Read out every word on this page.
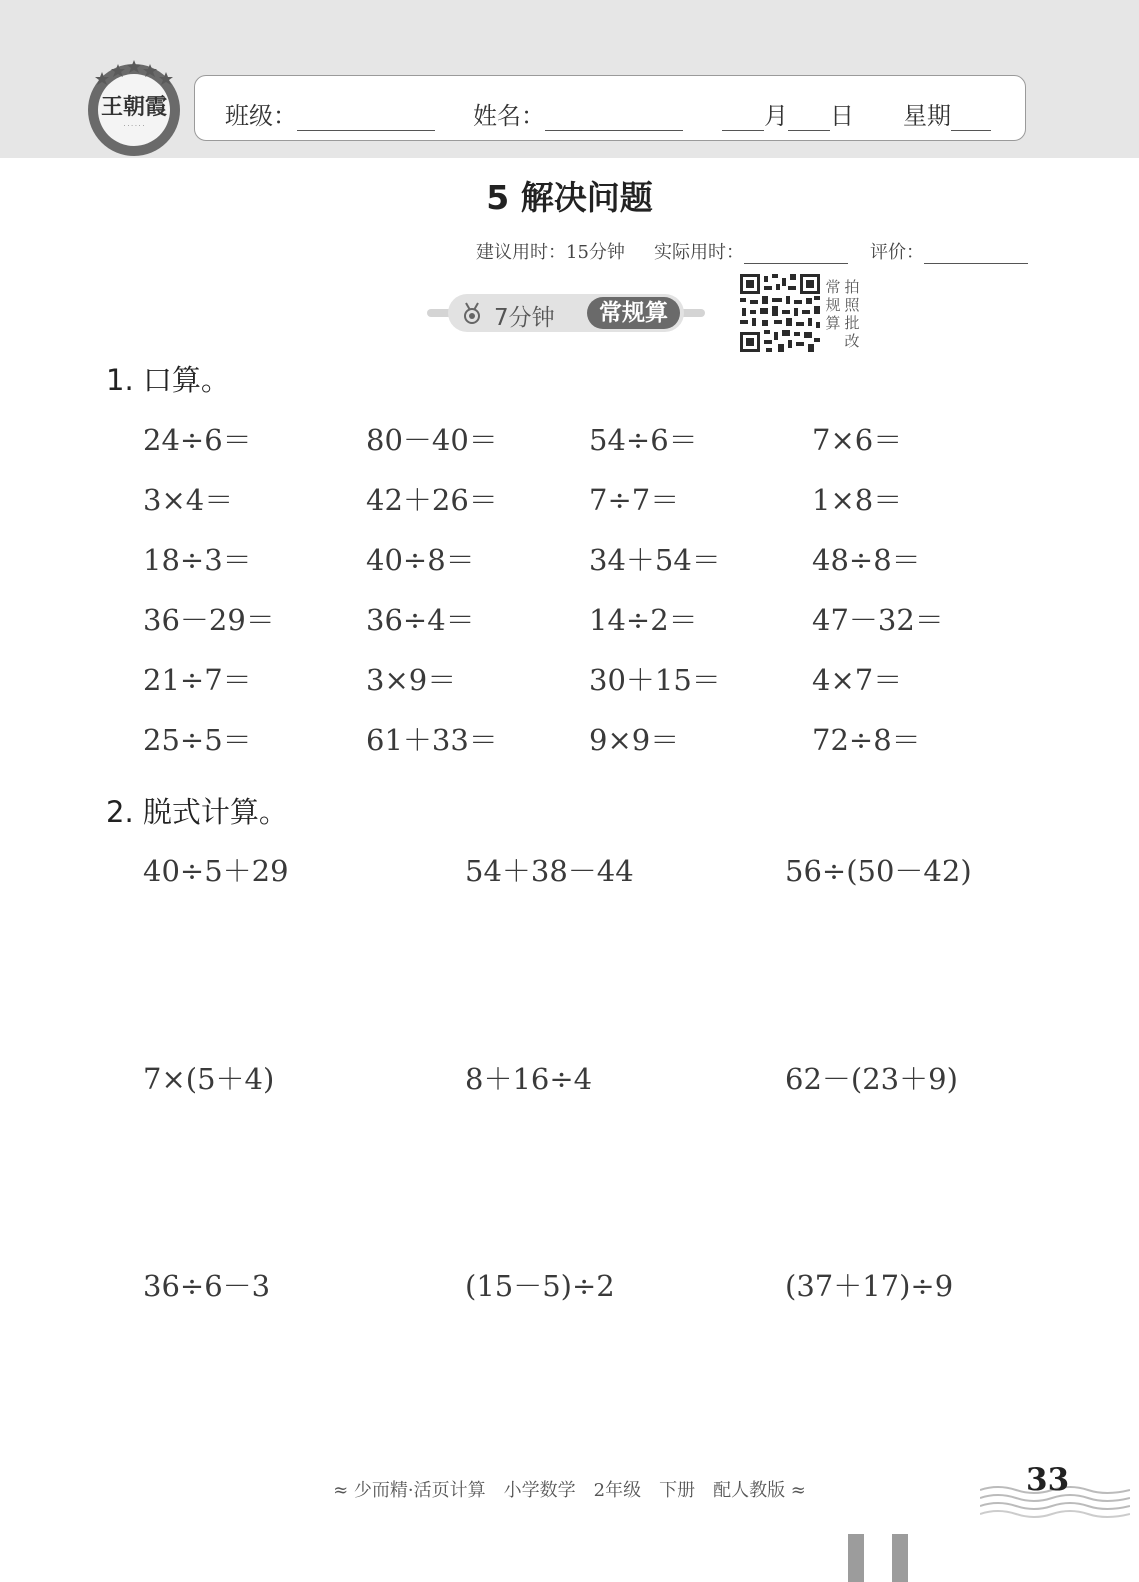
王朝霞
· · · · · ·	班级：	姓名：	月 日 星期
5 解决问题
建议用时：15分钟 实际用时：	评价：
7分钟	常规算
常规算
拍照批改
1. 口算。
24÷6＝	80－40＝	54÷6＝	7×6＝
3×4＝	42＋26＝	7÷7＝	1×8＝
18÷3＝	40÷8＝	34＋54＝	48÷8＝
36－29＝	36÷4＝	14÷2＝	47－32＝
21÷7＝	3×9＝	30＋15＝	4×7＝
25÷5＝	61＋33＝	9×9＝	72÷8＝
2. 脱式计算。
40÷5＋29	54＋38－44	56÷(50－42)
7×(5＋4)	8＋16÷4	62－(23＋9)
36÷6－3	(15－5)÷2	(37＋17)÷9
≈ 少而精·活页计算　小学数学　2年级　下册　配人教版 ≈	33
